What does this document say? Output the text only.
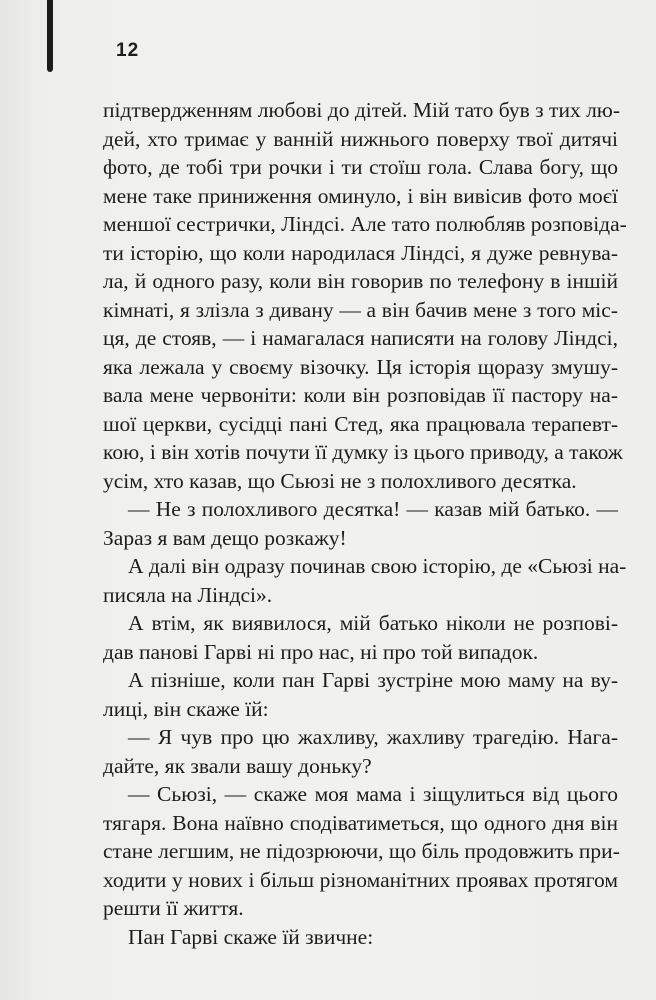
12
підтвердженням любові до дітей. Мій тато був з тих лю-
дей, хто тримає у ванній нижнього поверху твої дитячі
фото, де тобі три рочки і ти стоїш гола. Слава богу, що
мене таке приниження оминуло, і він вивісив фото моєї
меншої сестрички, Ліндсі. Але тато полюбляв розповіда-
ти історію, що коли народилася Ліндсі, я дуже ревнува-
ла, й одного разу, коли він говорив по телефону в іншій
кімнаті, я злізла з дивану — а він бачив мене з того міс-
ця, де стояв, — і намагалася написяти на голову Ліндсі,
яка лежала у своєму візочку. Ця історія щоразу змушу-
вала мене червоніти: коли він розповідав її пастору на-
шої церкви, сусідці пані Стед, яка працювала терапевт-
кою, і він хотів почути її думку із цього приводу, а також
усім, хто казав, що Сьюзі не з полохливого десятка.
— Не з полохливого десятка! — казав мій батько. —
Зараз я вам дещо розкажу!
А далі він одразу починав свою історію, де «Сьюзі на-
писяла на Ліндсі».
А втім, як виявилося, мій батько ніколи не розпові-
дав панові Гарві ні про нас, ні про той випадок.
А пізніше, коли пан Гарві зустріне мою маму на ву-
лиці, він скаже їй:
— Я чув про цю жахливу, жахливу трагедію. Нага-
дайте, як звали вашу доньку?
— Сьюзі, — скаже моя мама і зіщулиться від цього
тягаря. Вона наївно сподіватиметься, що одного дня він
стане легшим, не підозрюючи, що біль продовжить при-
ходити у нових і більш різноманітних проявах протягом
решти її життя.
Пан Гарві скаже їй звичне:
